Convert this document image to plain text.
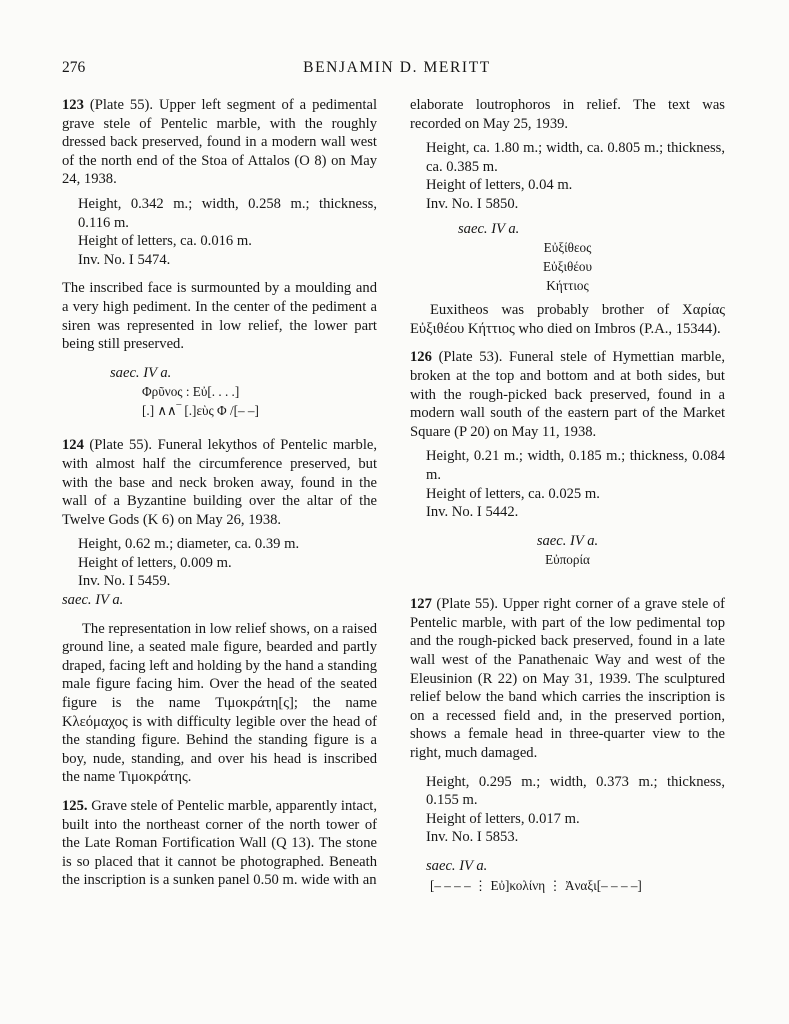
276	BENJAMIN D. MERITT

123 (Plate 55). Upper left segment of a pedimental grave stele of Pentelic marble, with the roughly dressed back preserved, found in a modern wall west of the north end of the Stoa of Attalos (O 8) on May 24, 1938.

Height, 0.342 m.; width, 0.258 m.; thickness, 0.116 m.

Height of letters, ca. 0.016 m.

Inv. No. I 5474.

The inscribed face is surmounted by a moulding and a very high pediment. In the center of the pediment a siren was represented in low relief, the lower part being still preserved.

saec. IV a.
Φρῦνος : Εὐ[. . . .]
[.] ∧∧‾ [.]εὺς Φ /[– –]

124 (Plate 55). Funeral lekythos of Pentelic marble, with almost half the circumference preserved, but with the base and neck broken away, found in the wall of a Byzantine building over the altar of the Twelve Gods (K 6) on May 26, 1938.

Height, 0.62 m.; diameter, ca. 0.39 m.

Height of letters, 0.009 m.

Inv. No. I 5459.

saec. IV a.

The representation in low relief shows, on a raised ground line, a seated male figure, bearded and partly draped, facing left and holding by the hand a standing male figure facing him. Over the head of the seated figure is the name Τιμοκράτη[ς]; the name Κλεόμαχος is with difficulty legible over the head of the standing figure. Behind the standing figure is a boy, nude, standing, and over his head is inscribed the name Τιμοκράτης.

125. Grave stele of Pentelic marble, apparently intact, built into the northeast corner of the north tower of the Late Roman Fortification Wall (Q 13). The stone is so placed that it cannot be photographed. Beneath the inscription is a sunken panel 0.50 m. wide with an

elaborate loutrophoros in relief. The text was recorded on May 25, 1939.

Height, ca. 1.80 m.; width, ca. 0.805 m.; thickness, ca. 0.385 m.

Height of letters, 0.04 m.

Inv. No. I 5850.

saec. IV a.
Εὐξίθεος
Εὐξιθέου
Κήττιος

Euxitheos was probably brother of Χαρίας Εὐξιθέου Κήττιος who died on Imbros (P.A., 15344).

126 (Plate 53). Funeral stele of Hymettian marble, broken at the top and bottom and at both sides, but with the rough-picked back preserved, found in a modern wall south of the eastern part of the Market Square (P 20) on May 11, 1938.

Height, 0.21 m.; width, 0.185 m.; thickness, 0.084 m.

Height of letters, ca. 0.025 m.

Inv. No. I 5442.

saec. IV a.
Εὐπορία

127 (Plate 55). Upper right corner of a grave stele of Pentelic marble, with part of the low pedimental top and the rough-picked back preserved, found in a late wall west of the Panathenaic Way and west of the Eleusinion (R 22) on May 31, 1939. The sculptured relief below the band which carries the inscription is on a recessed field and, in the preserved portion, shows a female head in three-quarter view to the right, much damaged.

Height, 0.295 m.; width, 0.373 m.; thickness, 0.155 m.

Height of letters, 0.017 m.

Inv. No. I 5853.

saec. IV a.
[– – – – ⋮ Εὐ]κολίνη ⋮ Ἀναξι[– – – –]
